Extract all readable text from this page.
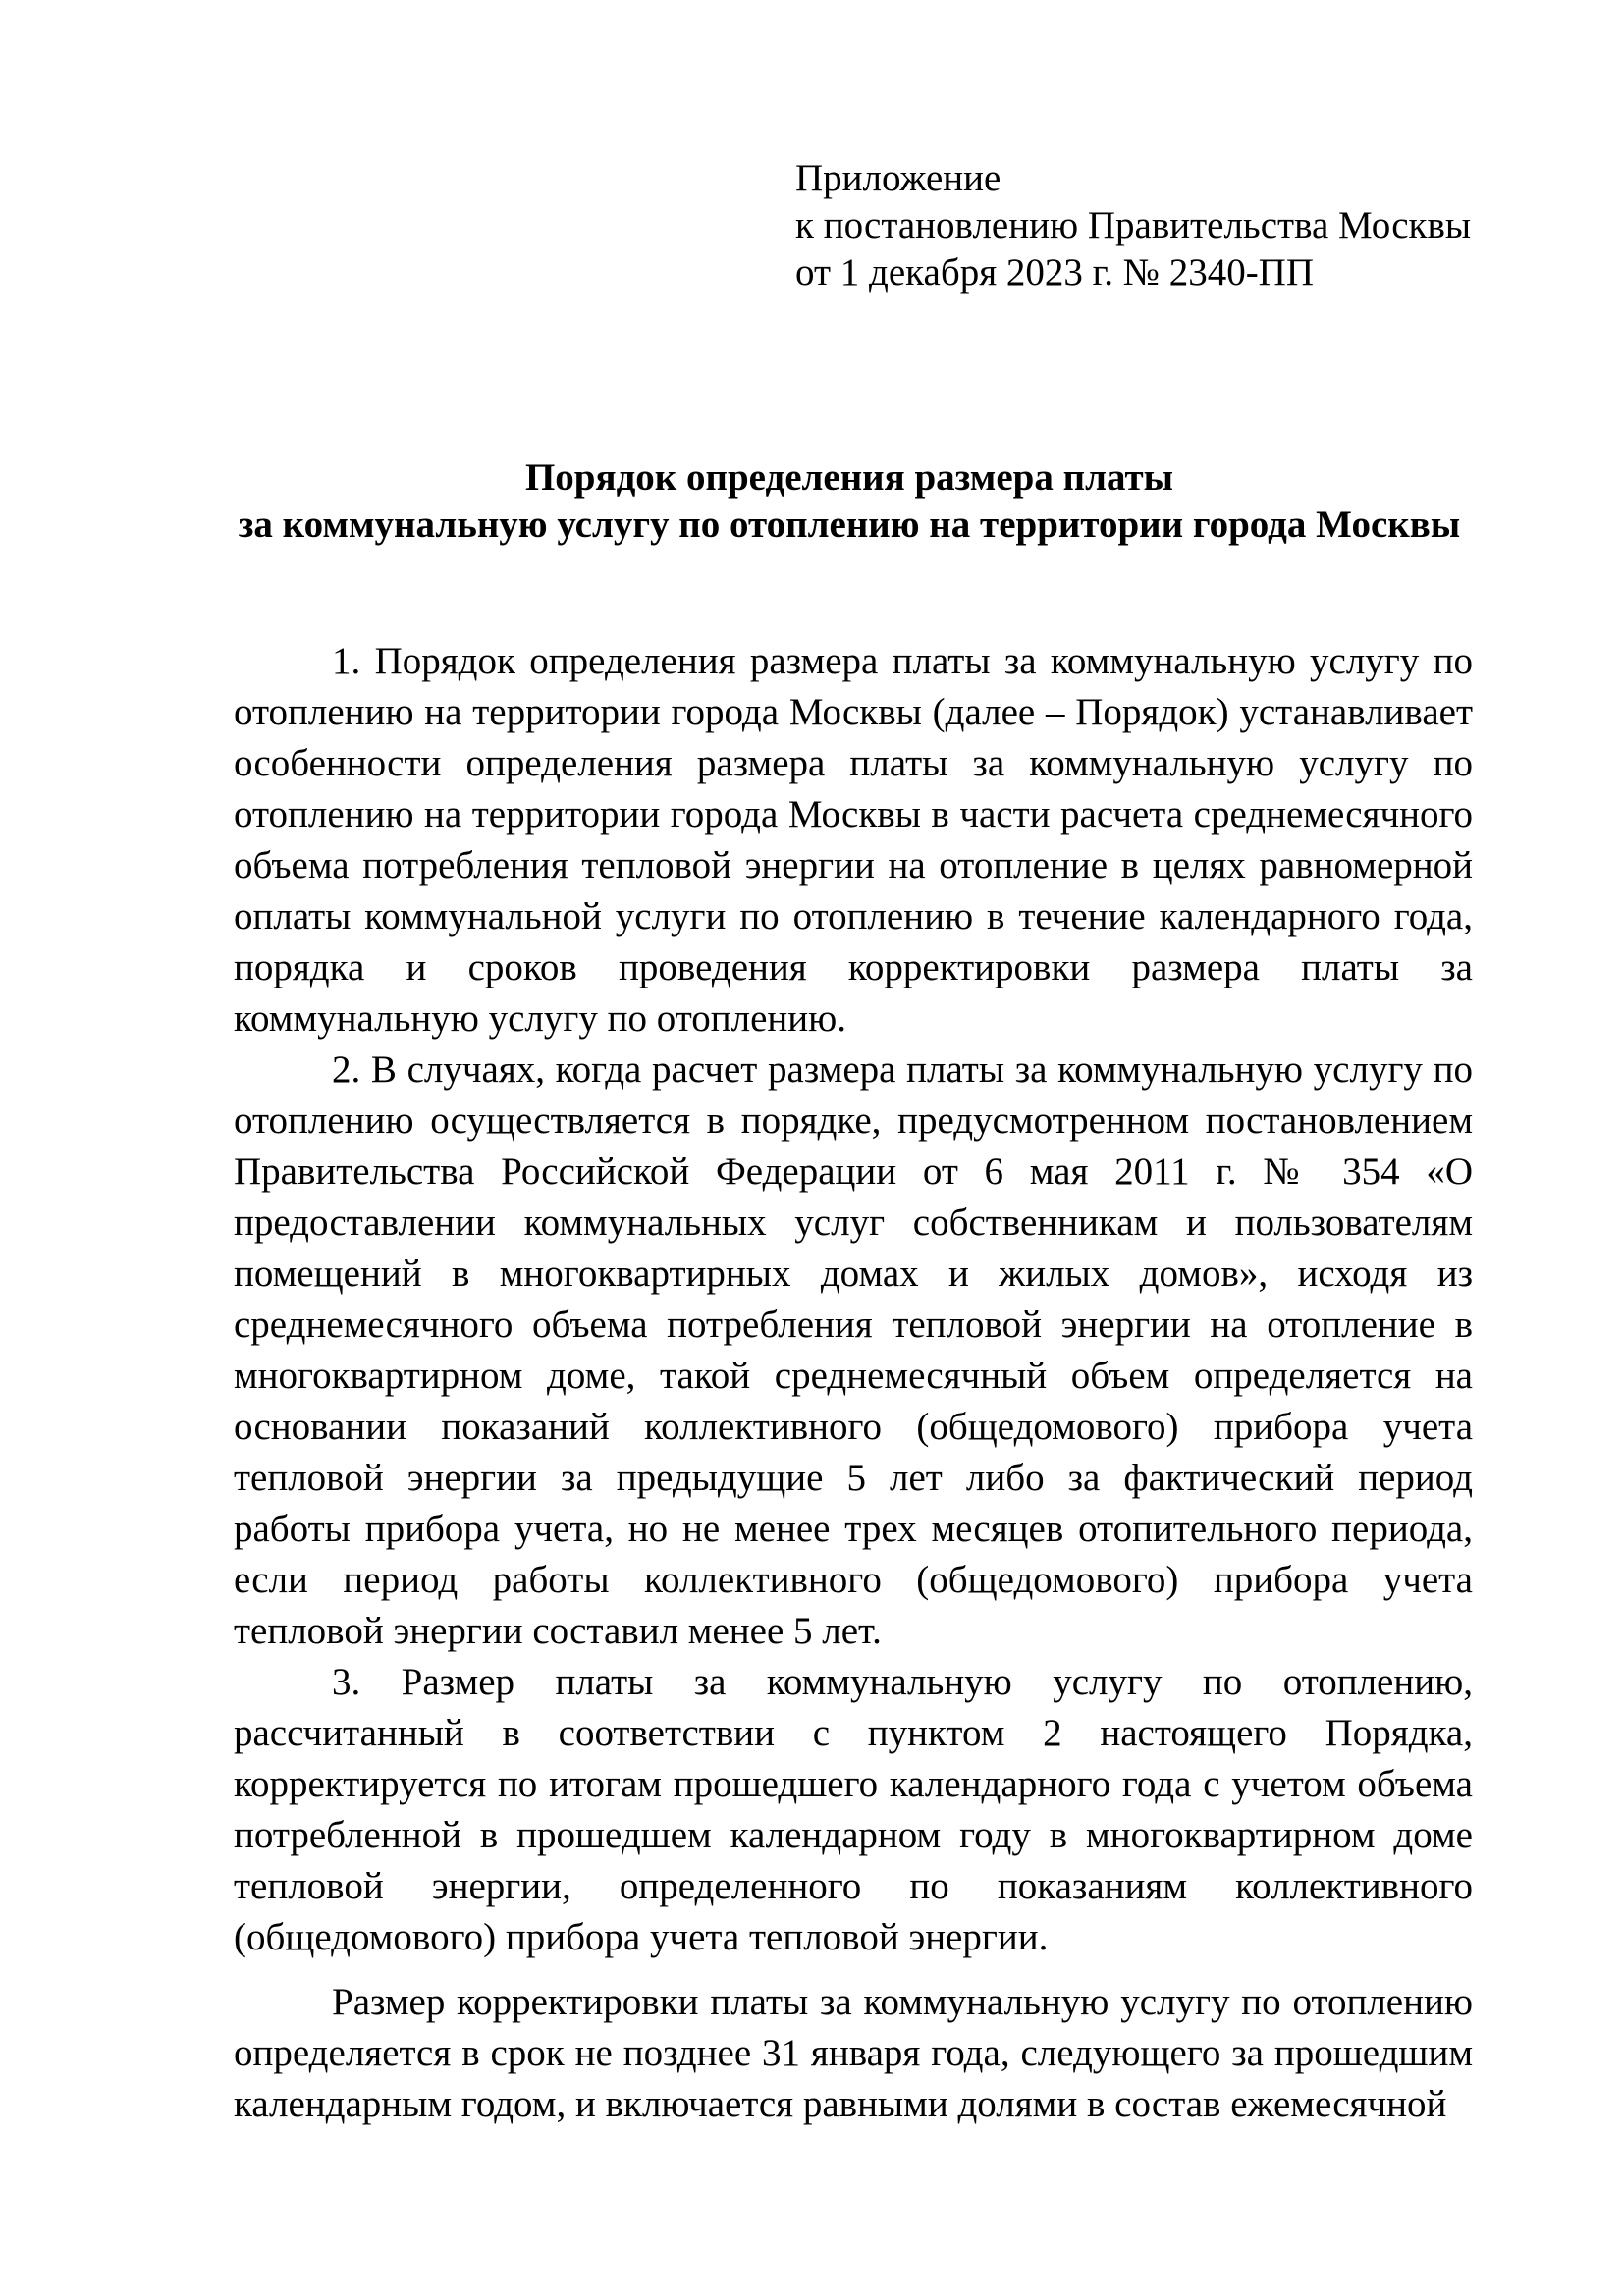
Приложение
к постановлению Правительства Москвы
от 1 декабря 2023 г. № 2340-ПП
Порядок определения размера платы
за коммунальную услугу по отоплению на территории города Москвы

1. Порядок определения размера платы за коммунальную услугу по отоплению на территории города Москвы (далее – Порядок) устанавливает особенности определения размера платы за коммунальную услугу по отоплению на территории города Москвы в части расчета среднемесячного объема потребления тепловой энергии на отопление в целях равномерной оплаты коммунальной услуги по отоплению в течение календарного года, порядка и сроков проведения корректировки размера платы за коммунальную услугу по отоплению.

2. В случаях, когда расчет размера платы за коммунальную услугу по отоплению осуществляется в порядке, предусмотренном постановлением Правительства Российской Федерации от 6 мая 2011 г. № 354 «О предоставлении коммунальных услуг собственникам и пользователям помещений в многоквартирных домах и жилых домов», исходя из среднемесячного объема потребления тепловой энергии на отопление в многоквартирном доме, такой среднемесячный объем определяется на основании показаний коллективного (общедомового) прибора учета тепловой энергии за предыдущие 5 лет либо за фактический период работы прибора учета, но не менее трех месяцев отопительного периода, если период работы коллективного (общедомового) прибора учета тепловой энергии составил менее 5 лет.

3. Размер платы за коммунальную услугу по отоплению, рассчитанный в соответствии с пунктом 2 настоящего Порядка, корректируется по итогам прошедшего календарного года с учетом объема потребленной в прошедшем календарном году в многоквартирном доме тепловой энергии, определенного по показаниям коллективного (общедомового) прибора учета тепловой энергии.

Размер корректировки платы за коммунальную услугу по отоплению определяется в срок не позднее 31 января года, следующего за прошедшим календарным годом, и включается равными долями в состав ежемесячной
